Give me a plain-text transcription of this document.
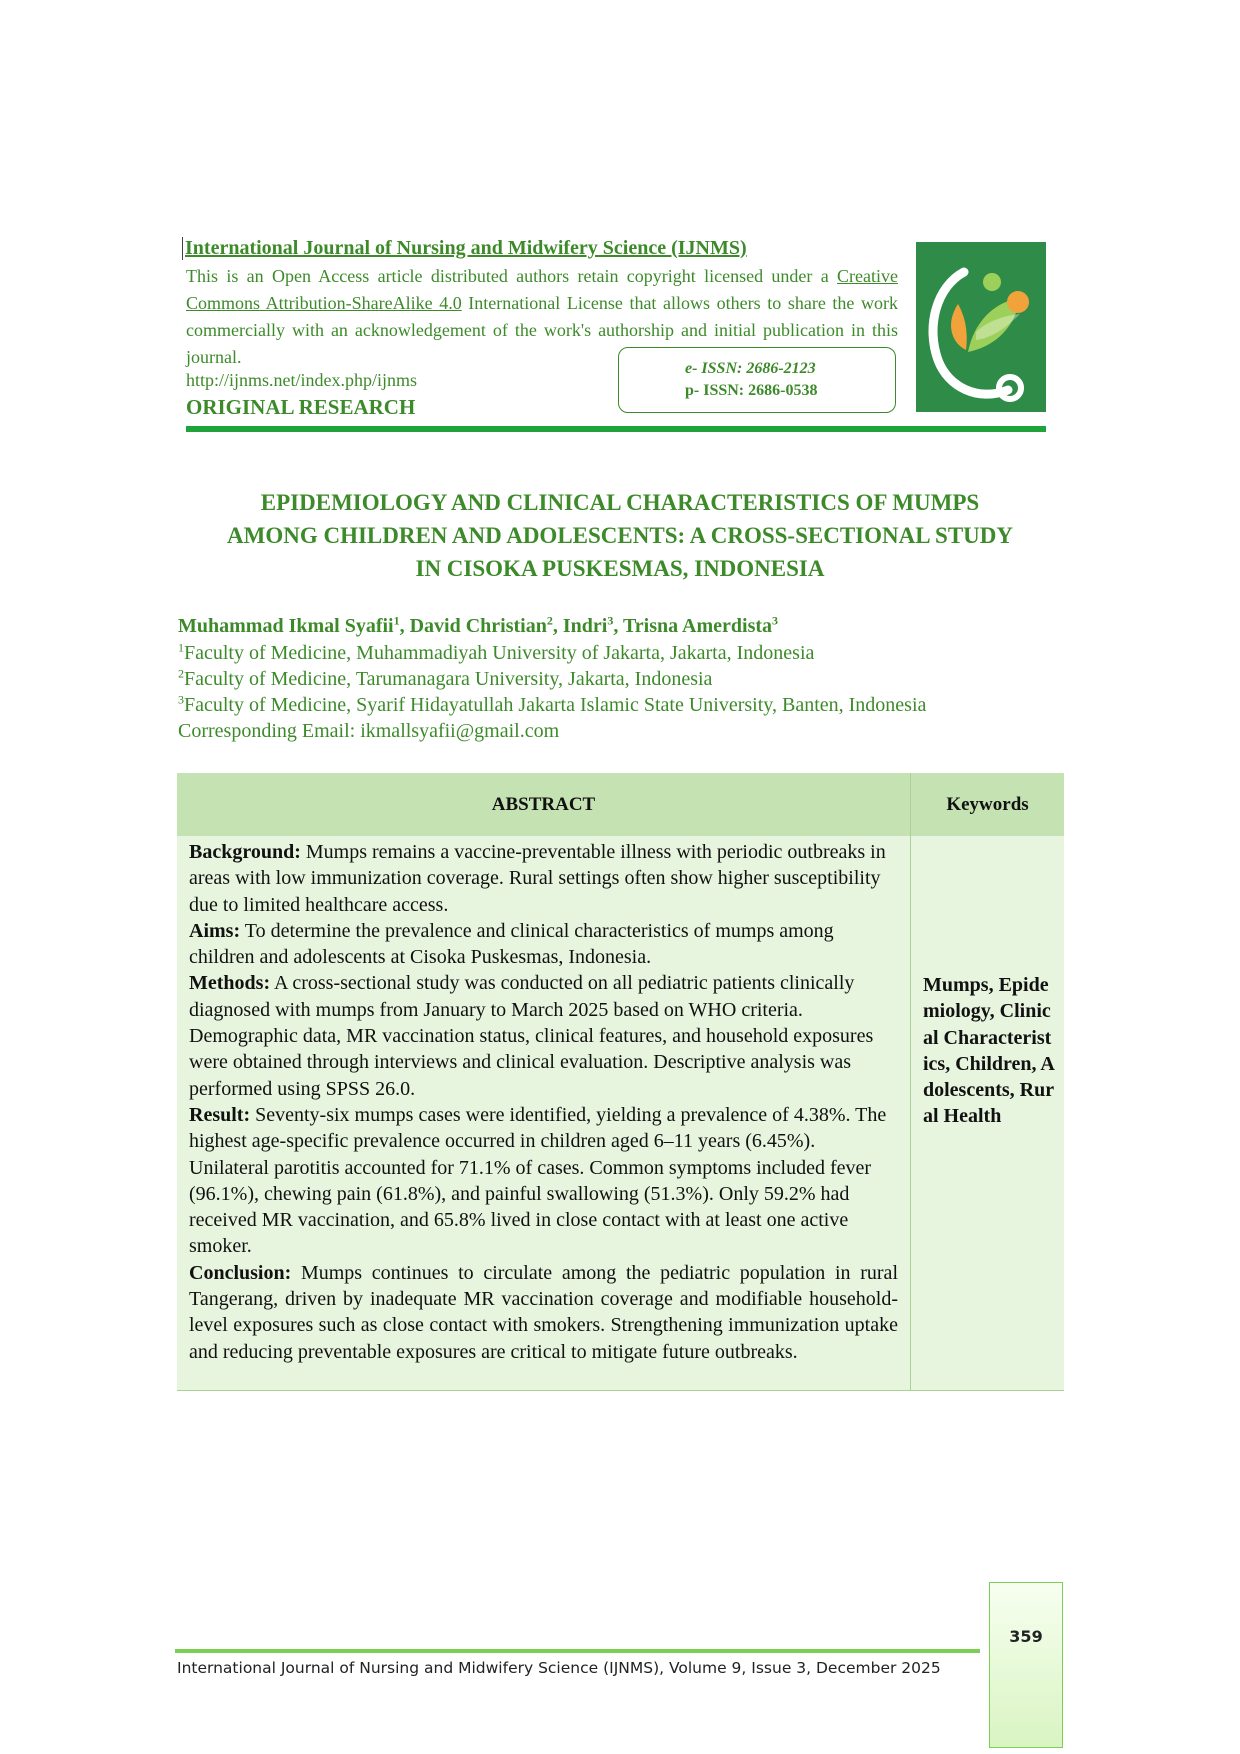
International Journal of Nursing and Midwifery Science (IJNMS)
This is an Open Access article distributed authors retain copyright licensed under a Creative Commons Attribution-ShareAlike 4.0 International License that allows others to share the work commercially with an acknowledgement of the work's authorship and initial publication in this journal.
http://ijnms.net/index.php/ijnms
ORIGINAL RESEARCH
e- ISSN: 2686-2123
p- ISSN: 2686-0538
EPIDEMIOLOGY AND CLINICAL CHARACTERISTICS OF MUMPS
AMONG CHILDREN AND ADOLESCENTS: A CROSS-SECTIONAL STUDY
IN CISOKA PUSKESMAS, INDONESIA
Muhammad Ikmal Syafii$^1$, David Christian$^2$, Indri$^3$, Trisna Amerdista$^3$
$^1$Faculty of Medicine, Muhammadiyah University of Jakarta, Jakarta, Indonesia
$^2$Faculty of Medicine, Tarumanagara University, Jakarta, Indonesia
$^3$Faculty of Medicine, Syarif Hidayatullah Jakarta Islamic State University, Banten, Indonesia
Corresponding Email: ikmallsyafii@gmail.com
ABSTRACT	Keywords

Background: Mumps remains a vaccine-preventable illness with periodic outbreaks in areas with low immunization coverage. Rural settings often show higher susceptibility due to limited healthcare access.

Aims: To determine the prevalence and clinical characteristics of mumps among children and adolescents at Cisoka Puskesmas, Indonesia.

Methods: A cross-sectional study was conducted on all pediatric patients clinically diagnosed with mumps from January to March 2025 based on WHO criteria. Demographic data, MR vaccination status, clinical features, and household exposures were obtained through interviews and clinical evaluation. Descriptive analysis was performed using SPSS 26.0.

Result: Seventy-six mumps cases were identified, yielding a prevalence of 4.38%. The highest age-specific prevalence occurred in children aged 6–11 years (6.45%). Unilateral parotitis accounted for 71.1% of cases. Common symptoms included fever (96.1%), chewing pain (61.8%), and painful swallowing (51.3%). Only 59.2% had received MR vaccination, and 65.8% lived in close contact with at least one active smoker.

Conclusion: Mumps continues to circulate among the pediatric population in rural Tangerang, driven by inadequate MR vaccination coverage and modifiable household-level exposures such as close contact with smokers. Strengthening immunization uptake and reducing preventable exposures are critical to mitigate future outbreaks.

Mumps, Epidemiology, Clinical Characteristics, Children, Adolescents, Rural Health
International Journal of Nursing and Midwifery Science (IJNMS), Volume 9, Issue 3, December 2025
359
